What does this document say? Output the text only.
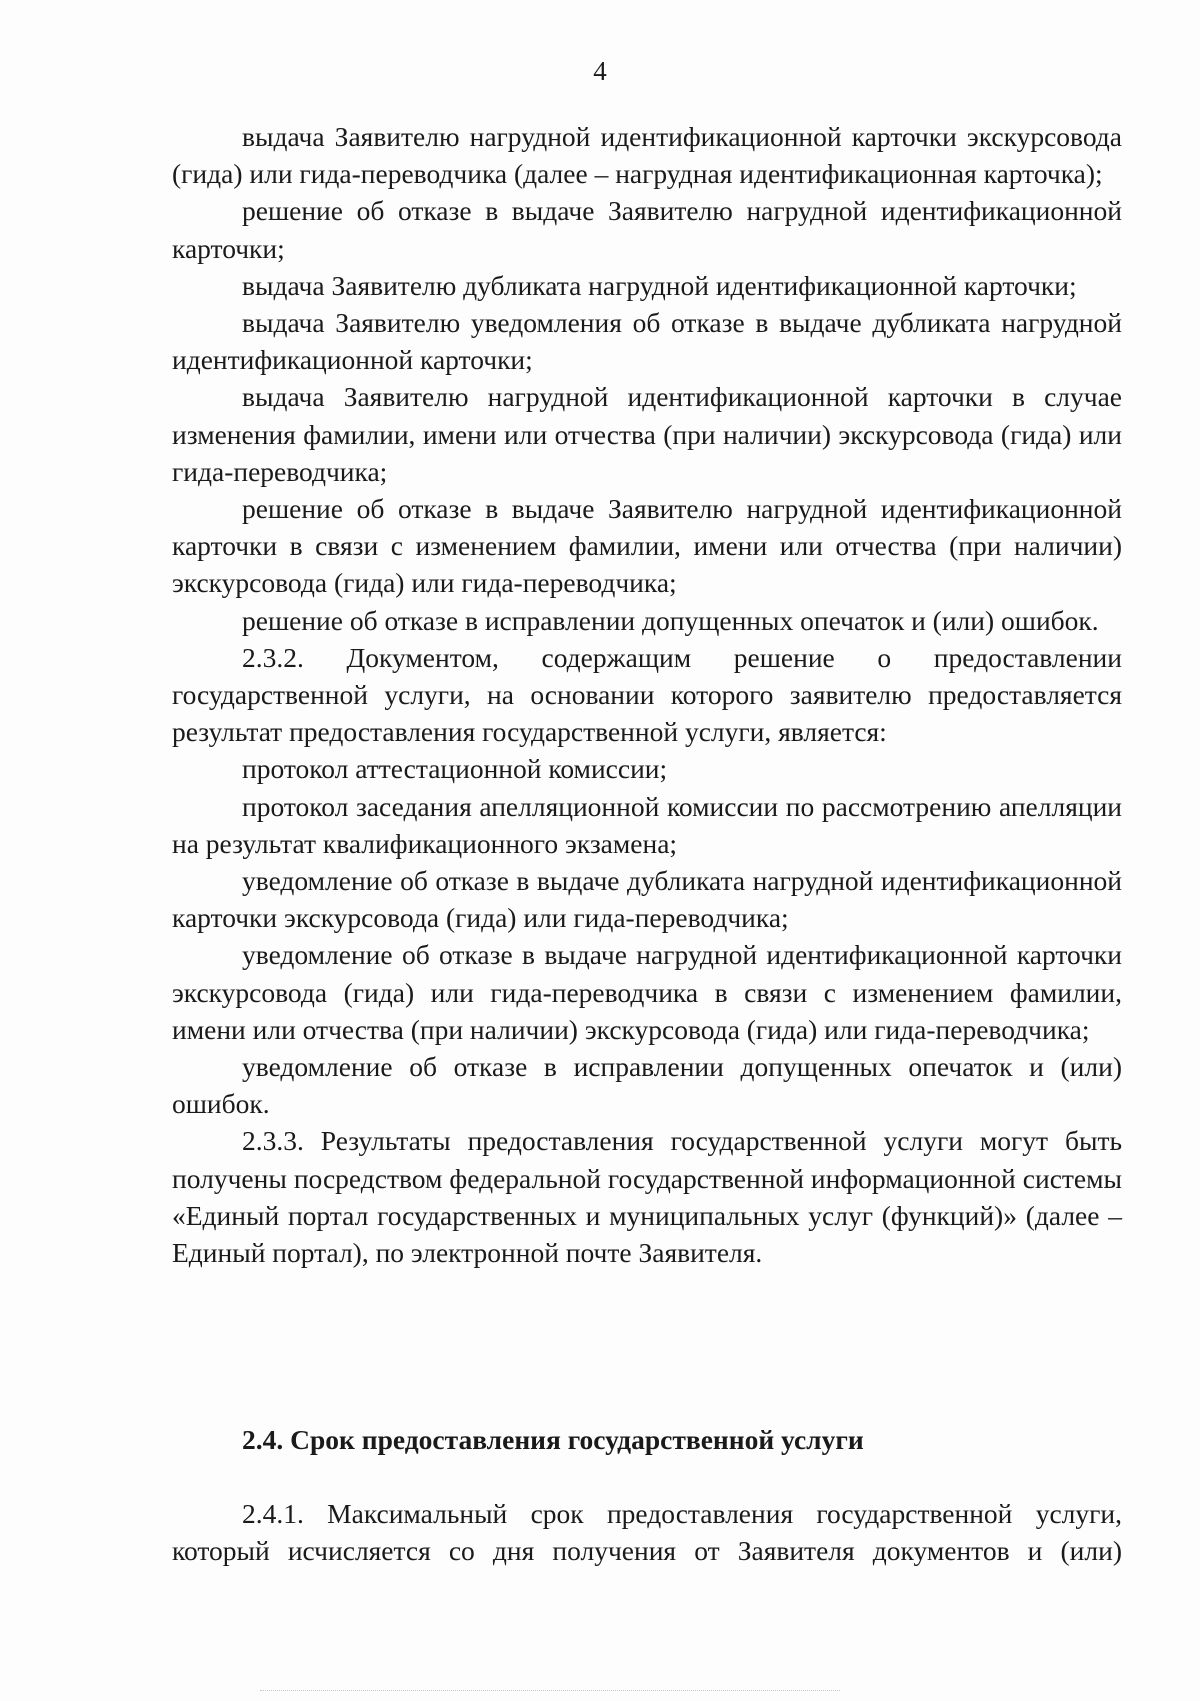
4

выдача Заявителю нагрудной идентификационной карточки экскурсовода (гида) или гида-переводчика (далее – нагрудная идентификационная карточка);

решение об отказе в выдаче Заявителю нагрудной идентификационной карточки;

выдача Заявителю дубликата нагрудной идентификационной карточки;

выдача Заявителю уведомления об отказе в выдаче дубликата нагрудной идентификационной карточки;

выдача Заявителю нагрудной идентификационной карточки в случае изменения фамилии, имени или отчества (при наличии) экскурсовода (гида) или гида-переводчика;

решение об отказе в выдаче Заявителю нагрудной идентификационной карточки в связи с изменением фамилии, имени или отчества (при наличии) экскурсовода (гида) или гида-переводчика;

решение об отказе в исправлении допущенных опечаток и (или) ошибок.

2.3.2. Документом, содержащим решение о предоставлении государственной услуги, на основании которого заявителю предоставляется результат предоставления государственной услуги, является:

протокол аттестационной комиссии;

протокол заседания апелляционной комиссии по рассмотрению апелляции на результат квалификационного экзамена;

уведомление об отказе в выдаче дубликата нагрудной идентификационной карточки экскурсовода (гида) или гида-переводчика;

уведомление об отказе в выдаче нагрудной идентификационной карточки экскурсовода (гида) или гида-переводчика в связи с изменением фамилии, имени или отчества (при наличии) экскурсовода (гида) или гида-переводчика;

уведомление об отказе в исправлении допущенных опечаток и (или) ошибок.

2.3.3. Результаты предоставления государственной услуги могут быть получены посредством федеральной государственной информационной системы «Единый портал государственных и муниципальных услуг (функций)» (далее – Единый портал), по электронной почте Заявителя.

2.4. Срок предоставления государственной услуги

2.4.1. Максимальный срок предоставления государственной услуги, который исчисляется со дня получения от Заявителя документов и (или)
